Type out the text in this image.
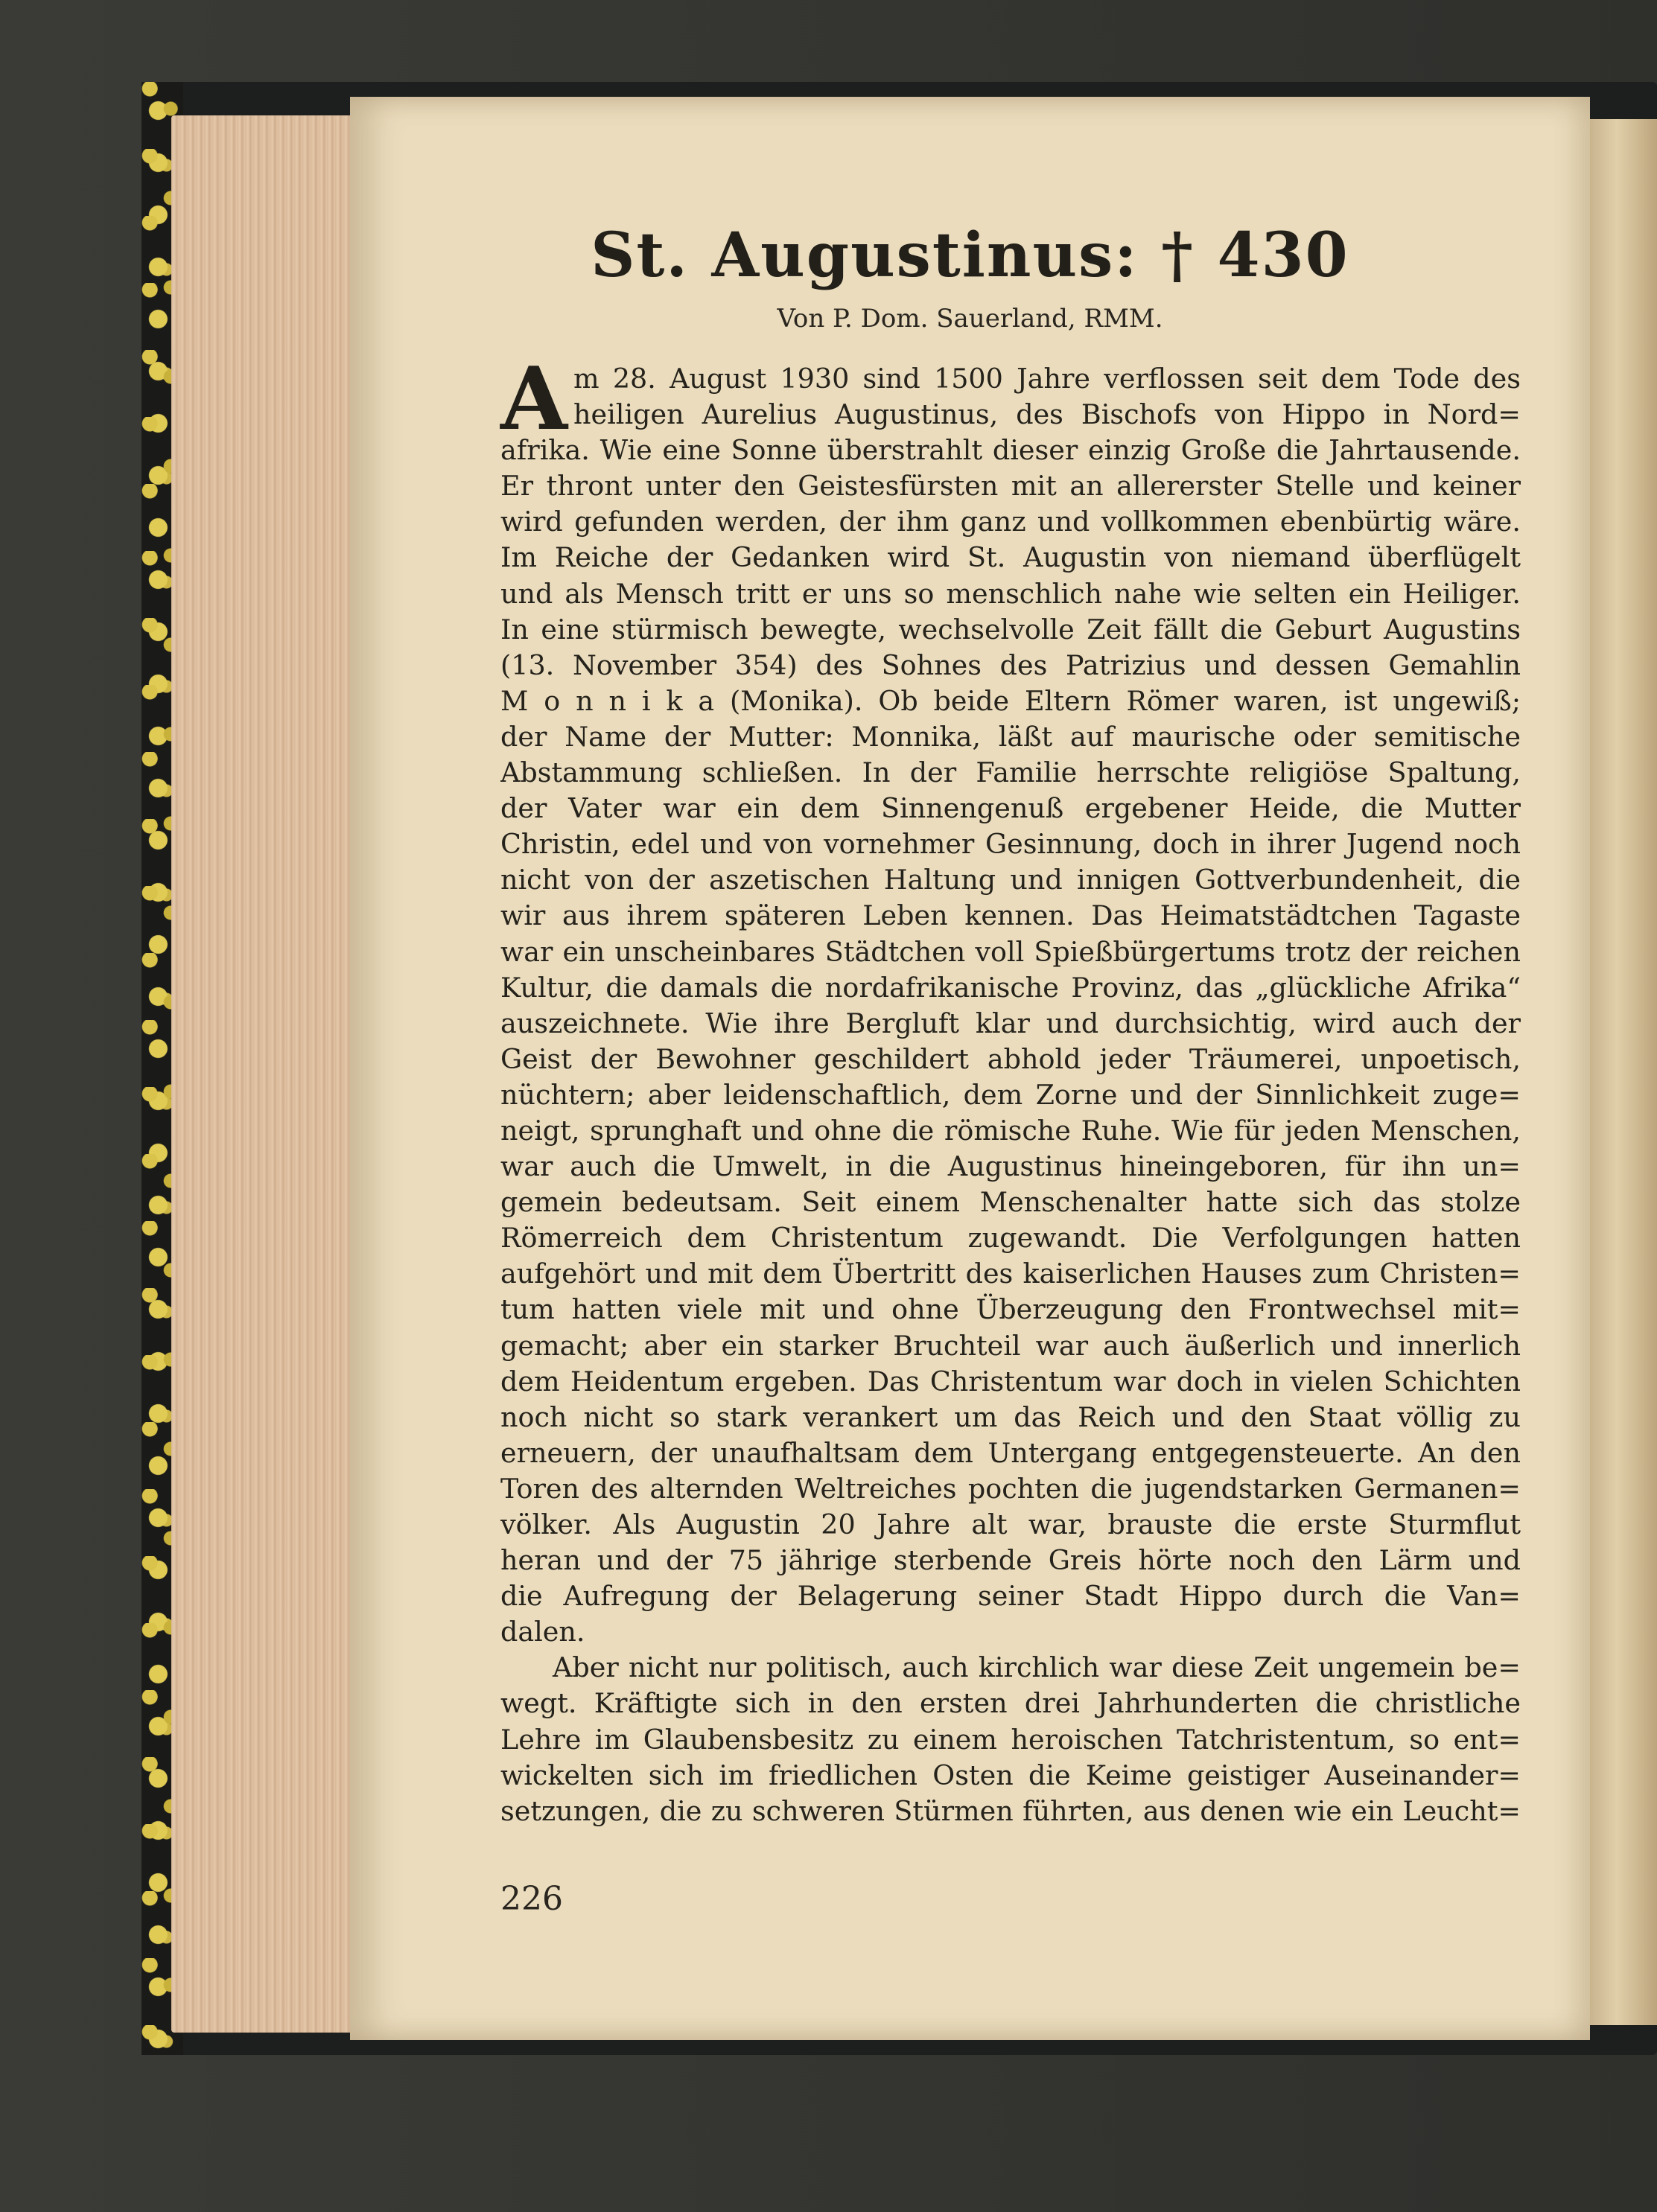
St. Augustinus: † 430
Von P. Dom. Sauerland, RMM.
A m 28. August 1930 sind 1500 Jahre verflossen seit dem Tode des
heiligen Aurelius Augustinus, des Bischofs von Hippo in Nord=
afrika. Wie eine Sonne überstrahlt dieser einzig Große die Jahrtausende.
Er thront unter den Geistesfürsten mit an allererster Stelle und keiner
wird gefunden werden, der ihm ganz und vollkommen ebenbürtig wäre.
Im Reiche der Gedanken wird St. Augustin von niemand überflügelt
und als Mensch tritt er uns so menschlich nahe wie selten ein Heiliger.
In eine stürmisch bewegte, wechselvolle Zeit fällt die Geburt Augustins
(13. November 354) des Sohnes des Patrizius und dessen Gemahlin
M o n n i k a (Monika). Ob beide Eltern Römer waren, ist ungewiß;
der Name der Mutter: Monnika, läßt auf maurische oder semitische
Abstammung schließen. In der Familie herrschte religiöse Spaltung,
der Vater war ein dem Sinnengenuß ergebener Heide, die Mutter
Christin, edel und von vornehmer Gesinnung, doch in ihrer Jugend noch
nicht von der aszetischen Haltung und innigen Gottverbundenheit, die
wir aus ihrem späteren Leben kennen. Das Heimatstädtchen Tagaste
war ein unscheinbares Städtchen voll Spießbürgertums trotz der reichen
Kultur, die damals die nordafrikanische Provinz, das „glückliche Afrika“
auszeichnete. Wie ihre Bergluft klar und durchsichtig, wird auch der
Geist der Bewohner geschildert abhold jeder Träumerei, unpoetisch,
nüchtern; aber leidenschaftlich, dem Zorne und der Sinnlichkeit zuge=
neigt, sprunghaft und ohne die römische Ruhe. Wie für jeden Menschen,
war auch die Umwelt, in die Augustinus hineingeboren, für ihn un=
gemein bedeutsam. Seit einem Menschenalter hatte sich das stolze
Römerreich dem Christentum zugewandt. Die Verfolgungen hatten
aufgehört und mit dem Übertritt des kaiserlichen Hauses zum Christen=
tum hatten viele mit und ohne Überzeugung den Frontwechsel mit=
gemacht; aber ein starker Bruchteil war auch äußerlich und innerlich
dem Heidentum ergeben. Das Christentum war doch in vielen Schichten
noch nicht so stark verankert um das Reich und den Staat völlig zu
erneuern, der unaufhaltsam dem Untergang entgegensteuerte. An den
Toren des alternden Weltreiches pochten die jugendstarken Germanen=
völker. Als Augustin 20 Jahre alt war, brauste die erste Sturmflut
heran und der 75 jährige sterbende Greis hörte noch den Lärm und
die Aufregung der Belagerung seiner Stadt Hippo durch die Van=
dalen.
Aber nicht nur politisch, auch kirchlich war diese Zeit ungemein be=
wegt. Kräftigte sich in den ersten drei Jahrhunderten die christliche
Lehre im Glaubensbesitz zu einem heroischen Tatchristentum, so ent=
wickelten sich im friedlichen Osten die Keime geistiger Auseinander=
setzungen, die zu schweren Stürmen führten, aus denen wie ein Leucht=
226
